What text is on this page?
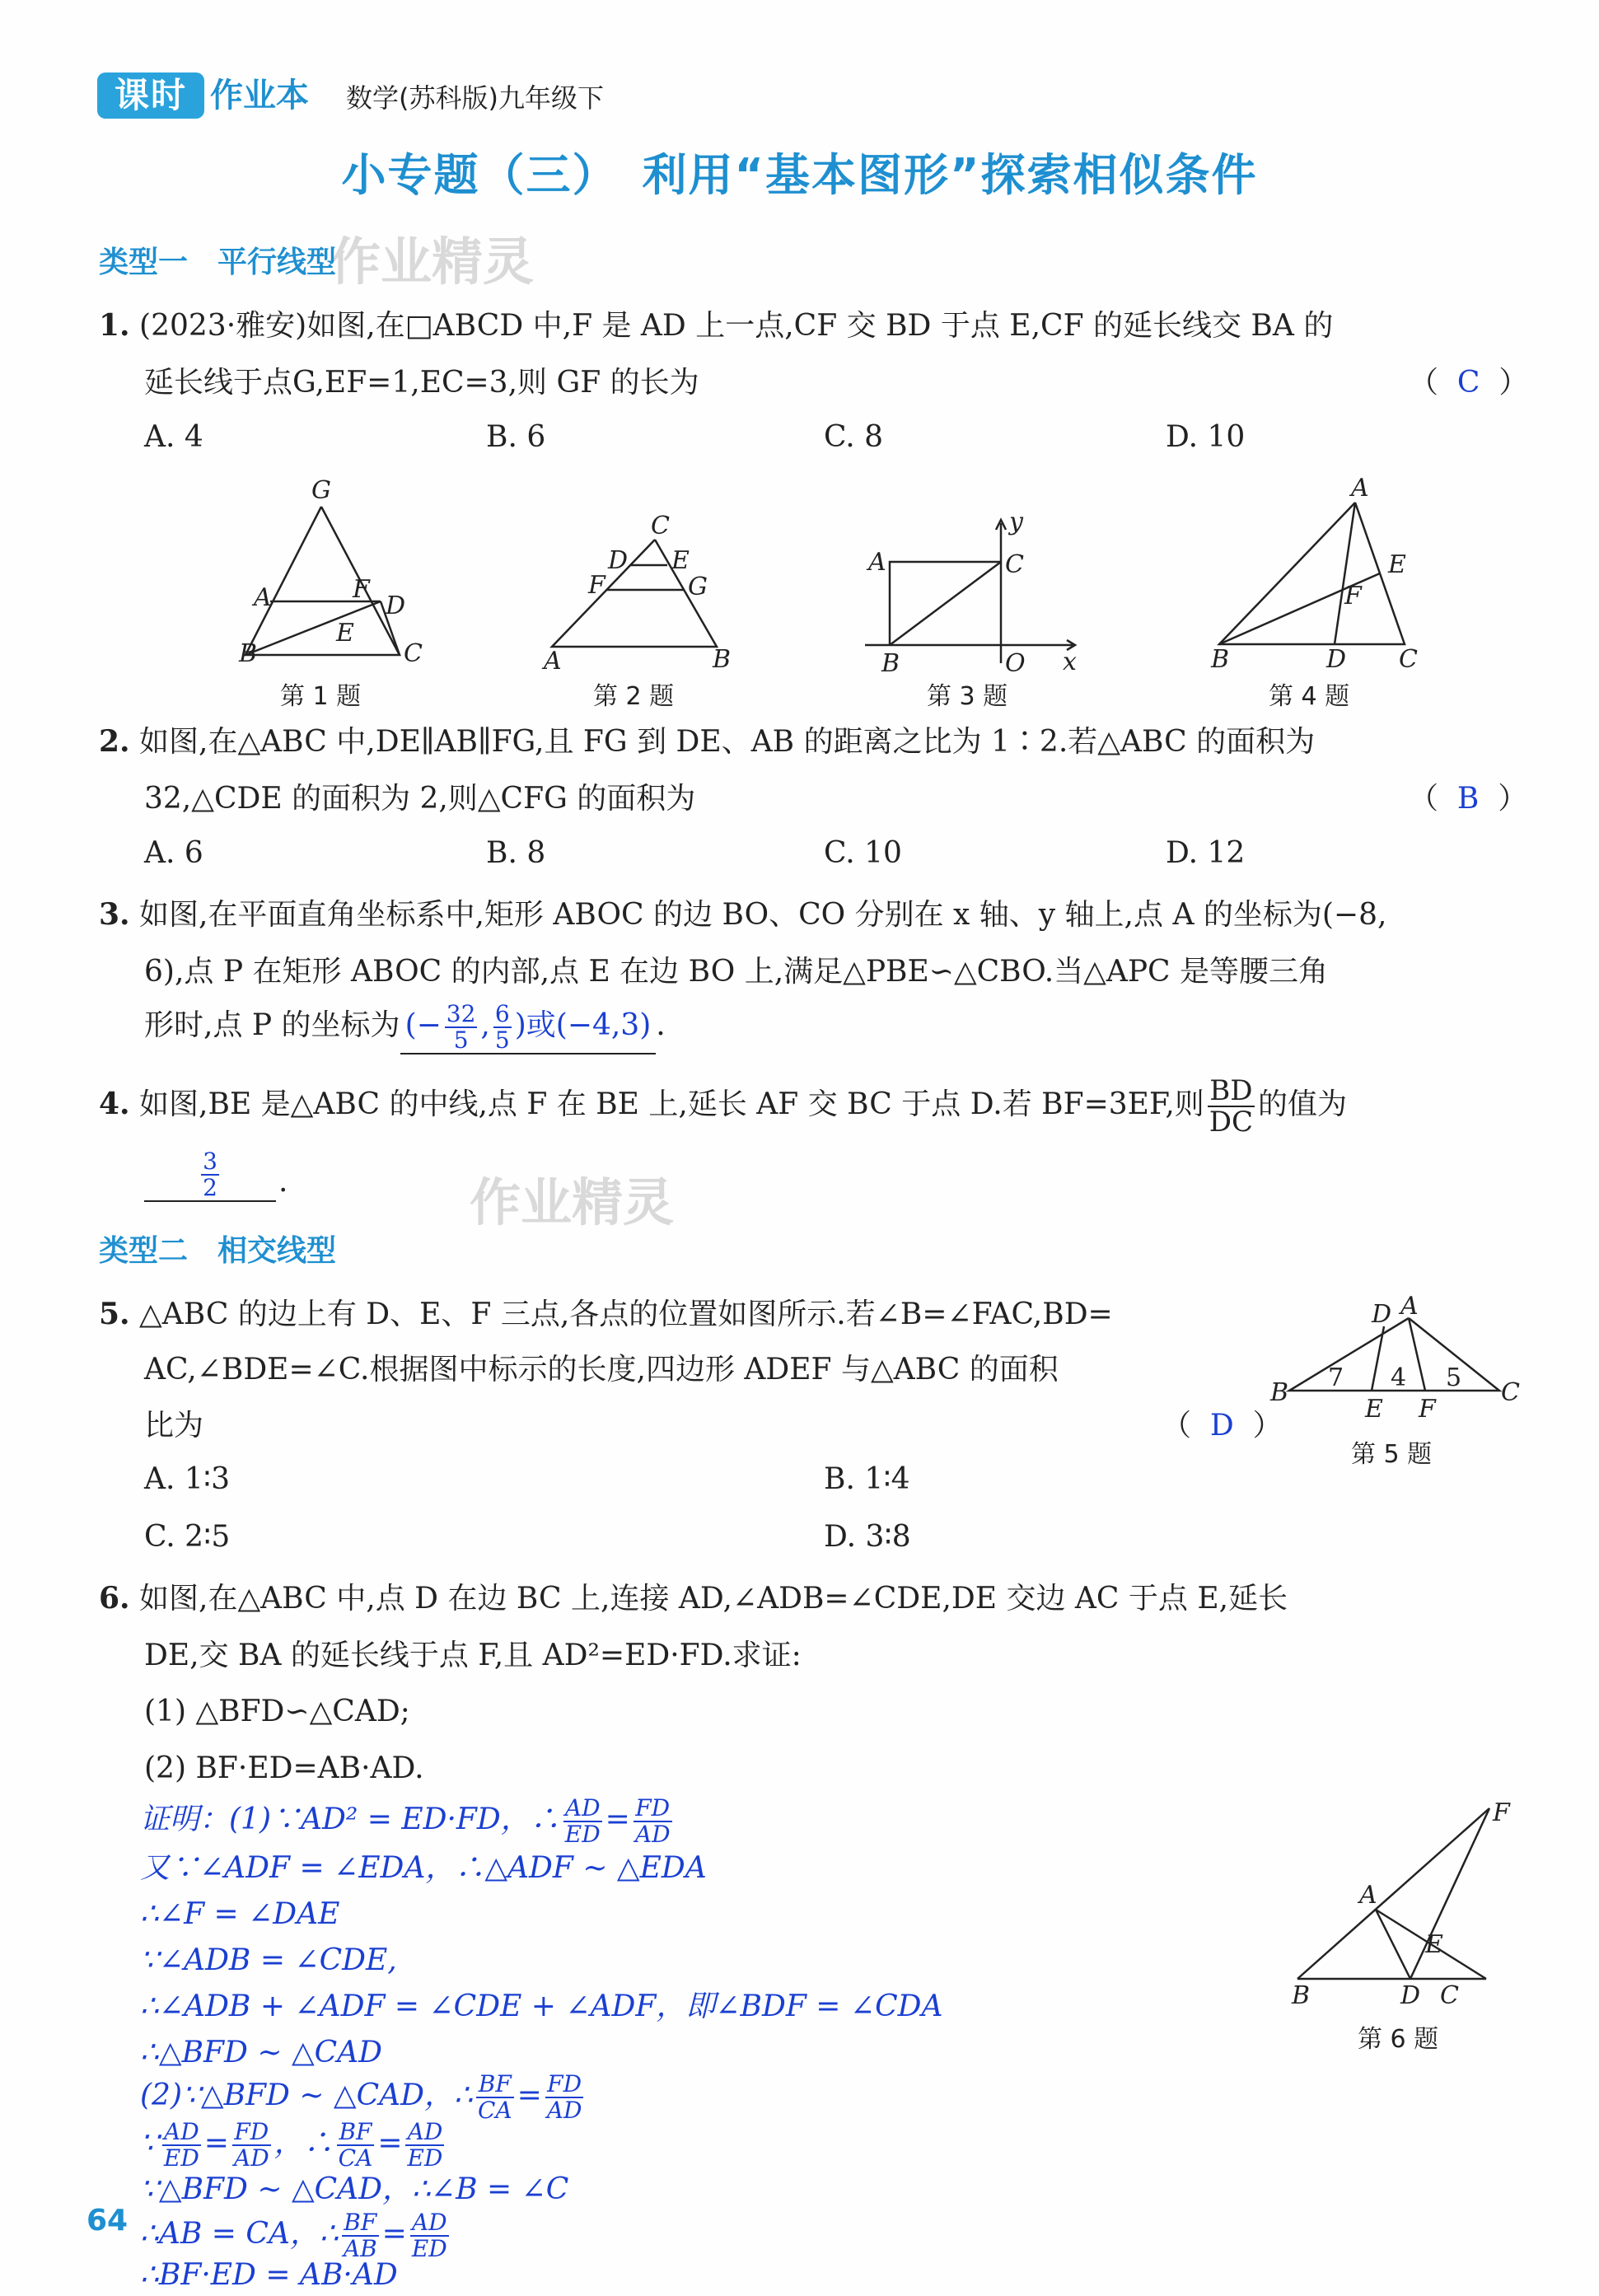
课时 作业本 数学(苏科版)九年级下
小专题（三）　利用“基本图形”探索相似条件
作业精灵
作业精灵
类型一　平行线型
1. (2023·雅安)如图,在□ABCD 中,F 是 AD 上一点,CF 交 BD 于点 E,CF 的延长线交 BA 的
延长线于点G,EF=1,EC=3,则 GF 的长为	（  C  ）
A. 4	B. 6	C. 8	D. 10
G
A	F
D
E
B	C
第 1 题
C
D E
F	G
A	B
第 2 题
y
A	C
B	O x
第 3 题
A
E
F
B	D C
第 4 题
2. 如图,在△ABC 中,DE∥AB∥FG,且 FG 到 DE、AB 的距离之比为 1∶2.若△ABC 的面积为
32,△CDE 的面积为 2,则△CFG 的面积为	（  B  ）
A. 6	B. 8	C. 10	D. 12
3. 如图,在平面直角坐标系中,矩形 ABOC 的边 BO、CO 分别在 x 轴、y 轴上,点 A 的坐标为(−8,
6),点 P 在矩形 ABOC 的内部,点 E 在边 BO 上,满足△PBE∽△CBO.当△APC 是等腰三角
形时,点 P 的坐标为 (− $\frac{32}{5}$ , $\frac{6}{5}$ )或(−4,3) .
4. 如图,BE 是△ABC 的中线,点 F 在 BE 上,延长 AF 交 BC 于点 D.若 BF=3EF,则 $\frac{BD}{DC}$ 的值为
$\frac{3}{2}$ .
类型二　相交线型
5. △ABC 的边上有 D、E、F 三点,各点的位置如图所示.若∠B=∠FAC,BD=
AC,∠BDE=∠C.根据图中标示的长度,四边形 ADEF 与△ABC 的面积
比为	（  D  ）
A. 1∶3	B. 1∶4
C. 2∶5	D. 3∶8
D A
B
7 4 5
C
E F
第 5 题
6. 如图,在△ABC 中,点 D 在边 BC 上,连接 AD,∠ADB=∠CDE,DE 交边 AC 于点 E,延长
DE,交 BA 的延长线于点 F,且 AD²=ED·FD.求证:
(1) △BFD∽△CAD;
(2) BF·ED=AB·AD.
证明：(1)∵AD² = ED·FD，∴ $\frac{AD}{ED} = \frac{FD}{AD}$
又∵∠ADF = ∠EDA，∴△ADF ∼ △EDA
∴∠F = ∠DAE
∵∠ADB = ∠CDE,
∴∠ADB + ∠ADF = ∠CDE + ∠ADF，即∠BDF = ∠CDA
∴△BFD ∼ △CAD
(2)∵△BFD ∼ △CAD，∴ $\frac{BF}{CA} = \frac{FD}{AD}$
∵ $\frac{AD}{ED} = \frac{FD}{AD}$ ，∴ $\frac{BF}{CA} = \frac{AD}{ED}$
∵△BFD ∼ △CAD，∴∠B = ∠C
∴AB = CA，∴ $\frac{BF}{AB} = \frac{AD}{ED}$
∴BF·ED = AB·AD
F
A
E
B	D C
第 6 题
64
